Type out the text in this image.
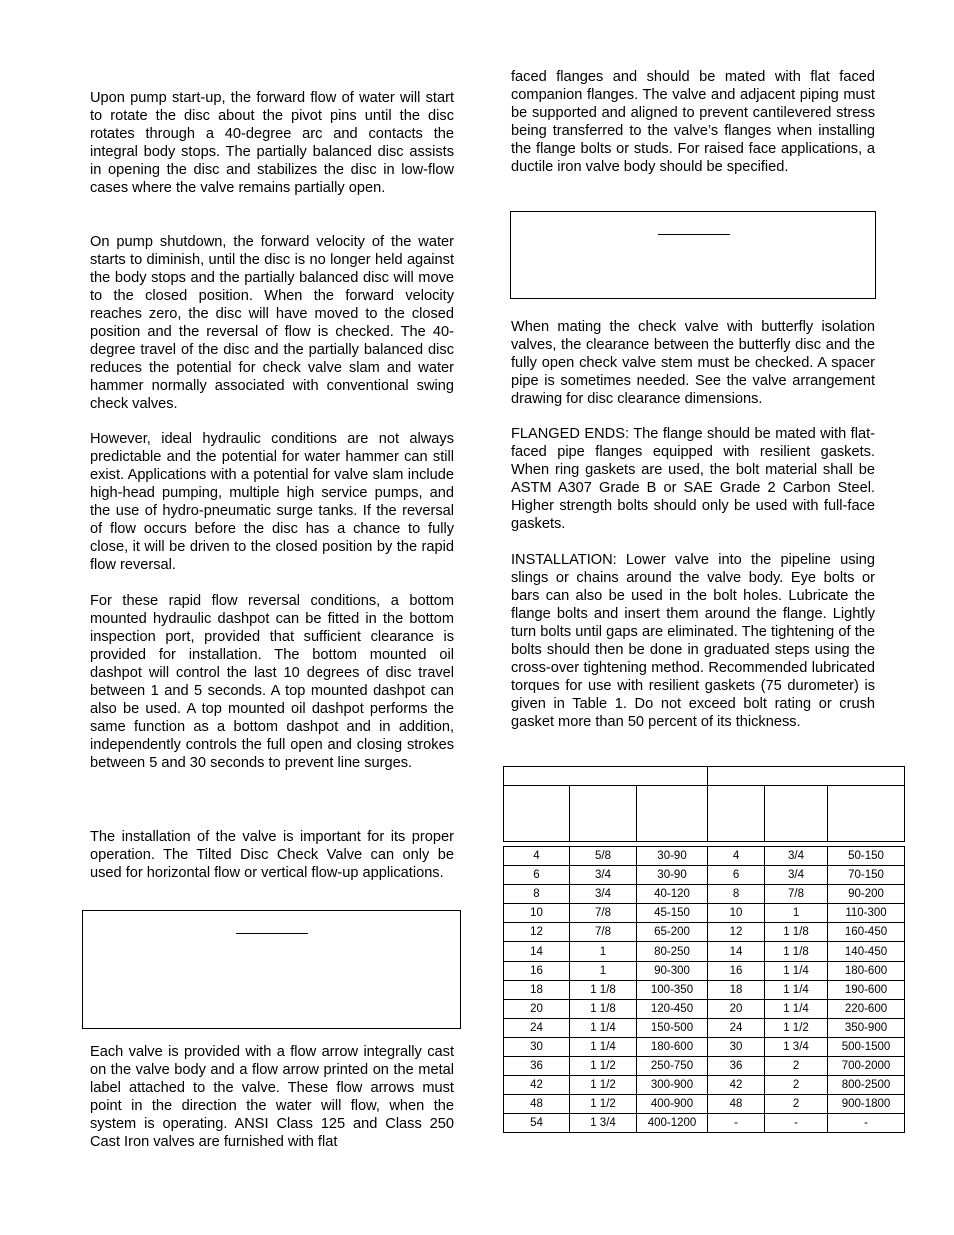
Upon pump start-up, the forward flow of water will start to rotate the disc about the pivot pins until the disc rotates through a 40-degree arc and contacts the integral body stops. The partially balanced disc assists in opening the disc and stabilizes the disc in low-flow cases where the valve remains partially open.

On pump shutdown, the forward velocity of the water starts to diminish, until the disc is no longer held against the body stops and the partially balanced disc will move to the closed position. When the forward velocity reaches zero, the disc will have moved to the closed position and the reversal of flow is checked. The 40-degree travel of the disc and the partially balanced disc reduces the potential for check valve slam and water hammer normally associated with conventional swing check valves.

However, ideal hydraulic conditions are not always predictable and the potential for water hammer can still exist. Applications with a potential for valve slam include high-head pumping, multiple high service pumps, and the use of hydro-pneumatic surge tanks. If the reversal of flow occurs before the disc has a chance to fully close, it will be driven to the closed position by the rapid flow reversal.

For these rapid flow reversal conditions, a bottom mounted hydraulic dashpot can be fitted in the bottom inspection port, provided that sufficient clearance is provided for installation. The bottom mounted oil dashpot will control the last 10 degrees of disc travel between 1 and 5 seconds. A top mounted dashpot can also be used. A top mounted oil dashpot performs the same function as a bottom dashpot and in addition, independently controls the full open and closing strokes between 5 and 30 seconds to prevent line surges.

The installation of the valve is important for its proper operation. The Tilted Disc Check Valve can only be used for horizontal flow or vertical flow-up applications.

Each valve is provided with a flow arrow integrally cast on the valve body and a flow arrow printed on the metal label attached to the valve. These flow arrows must point in the direction the water will flow, when the system is operating. ANSI Class 125 and Class 250 Cast Iron valves are furnished with flat

faced flanges and should be mated with flat faced companion flanges. The valve and adjacent piping must be supported and aligned to prevent cantilevered stress being transferred to the valve’s flanges when installing the flange bolts or studs. For raised face applications, a ductile iron valve body should be specified.

When mating the check valve with butterfly isolation valves, the clearance between the butterfly disc and the fully open check valve stem must be checked. A spacer pipe is sometimes needed. See the valve arrangement drawing for disc clearance dimensions.

FLANGED ENDS: The flange should be mated with flat-faced pipe flanges equipped with resilient gaskets. When ring gaskets are used, the bolt material shall be ASTM A307 Grade B or SAE Grade 2 Carbon Steel. Higher strength bolts should only be used with full-face gaskets.

INSTALLATION: Lower valve into the pipeline using slings or chains around the valve body. Eye bolts or bars can also be used in the bolt holes. Lubricate the flange bolts and insert them around the flange. Lightly turn bolts until gaps are eliminated. The tightening of the bolts should then be done in graduated steps using the cross-over tightening method. Recommended lubricated torques for use with resilient gaskets (75 durometer) is given in Table 1. Do not exceed bolt rating or crush gasket more than 50 percent of its thickness.

4	5/8	30-90	4	3/4	50-150
6	3/4	30-90	6	3/4	70-150
8	3/4	40-120	8	7/8	90-200
10	7/8	45-150	10	1	110-300
12	7/8	65-200	12	1 1/8	160-450
14	1	80-250	14	1 1/8	140-450
16	1	90-300	16	1 1/4	180-600
18	1 1/8	100-350	18	1 1/4	190-600
20	1 1/8	120-450	20	1 1/4	220-600
24	1 1/4	150-500	24	1 1/2	350-900
30	1 1/4	180-600	30	1 3/4	500-1500
36	1 1/2	250-750	36	2	700-2000
42	1 1/2	300-900	42	2	800-2500
48	1 1/2	400-900	48	2	900-1800
54	1 3/4	400-1200	-	-	-
